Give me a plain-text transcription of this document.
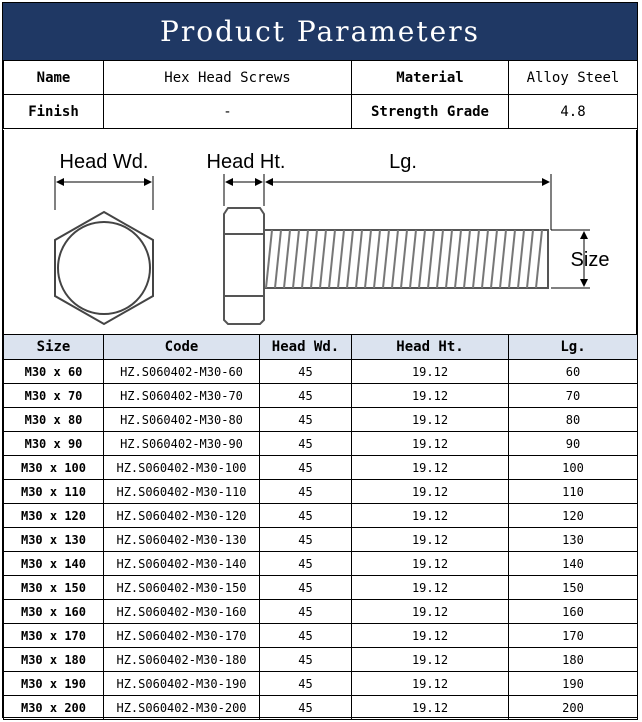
Product Parameters
Name	Hex Head Screws	Material	Alloy Steel
Finish	-	Strength Grade	4.8
Head Wd.	Head Ht.	Lg.
Size
Size	Code	Head Wd.	Head Ht.	Lg.
M30 x 60	HZ.S060402-M30-60	45	19.12	60
M30 x 70	HZ.S060402-M30-70	45	19.12	70
M30 x 80	HZ.S060402-M30-80	45	19.12	80
M30 x 90	HZ.S060402-M30-90	45	19.12	90
M30 x 100	HZ.S060402-M30-100	45	19.12	100
M30 x 110	HZ.S060402-M30-110	45	19.12	110
M30 x 120	HZ.S060402-M30-120	45	19.12	120
M30 x 130	HZ.S060402-M30-130	45	19.12	130
M30 x 140	HZ.S060402-M30-140	45	19.12	140
M30 x 150	HZ.S060402-M30-150	45	19.12	150
M30 x 160	HZ.S060402-M30-160	45	19.12	160
M30 x 170	HZ.S060402-M30-170	45	19.12	170
M30 x 180	HZ.S060402-M30-180	45	19.12	180
M30 x 190	HZ.S060402-M30-190	45	19.12	190
M30 x 200	HZ.S060402-M30-200	45	19.12	200
